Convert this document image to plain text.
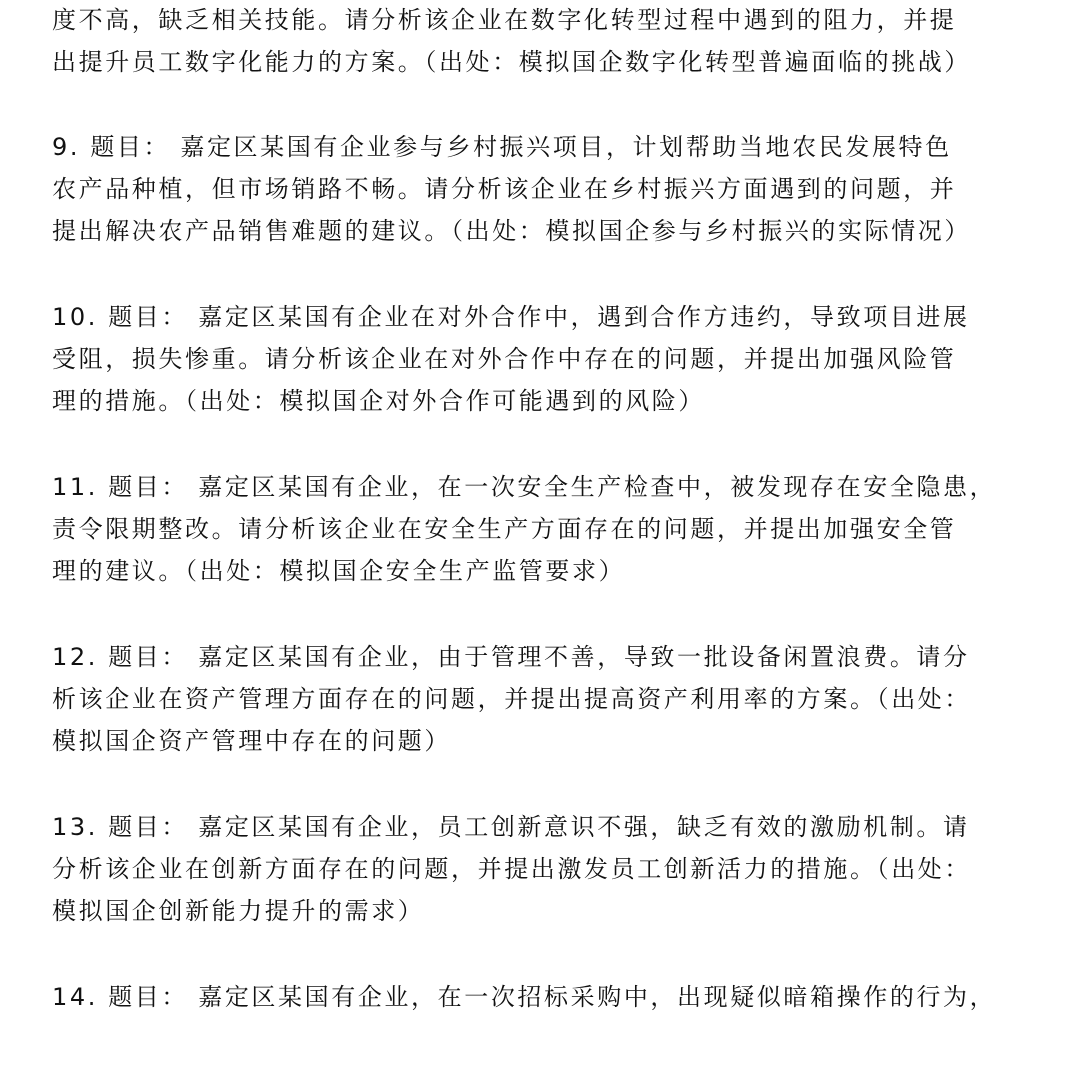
度不高，缺乏相关技能。请分析该企业在数字化转型过程中遇到的阻力，并提
出提升员工数字化能力的方案。（出处：模拟国企数字化转型普遍面临的挑战）
9. 题目： 嘉定区某国有企业参与乡村振兴项目，计划帮助当地农民发展特色
农产品种植，但市场销路不畅。请分析该企业在乡村振兴方面遇到的问题，并
提出解决农产品销售难题的建议。（出处：模拟国企参与乡村振兴的实际情况）
10. 题目： 嘉定区某国有企业在对外合作中，遇到合作方违约，导致项目进展
受阻，损失惨重。请分析该企业在对外合作中存在的问题，并提出加强风险管
理的措施。（出处：模拟国企对外合作可能遇到的风险）
11. 题目： 嘉定区某国有企业，在一次安全生产检查中，被发现存在安全隐患，
责令限期整改。请分析该企业在安全生产方面存在的问题，并提出加强安全管
理的建议。（出处：模拟国企安全生产监管要求）
12. 题目： 嘉定区某国有企业，由于管理不善，导致一批设备闲置浪费。请分
析该企业在资产管理方面存在的问题，并提出提高资产利用率的方案。（出处：
模拟国企资产管理中存在的问题）
13. 题目： 嘉定区某国有企业，员工创新意识不强，缺乏有效的激励机制。请
分析该企业在创新方面存在的问题，并提出激发员工创新活力的措施。（出处：
模拟国企创新能力提升的需求）
14. 题目： 嘉定区某国有企业，在一次招标采购中，出现疑似暗箱操作的行为，
